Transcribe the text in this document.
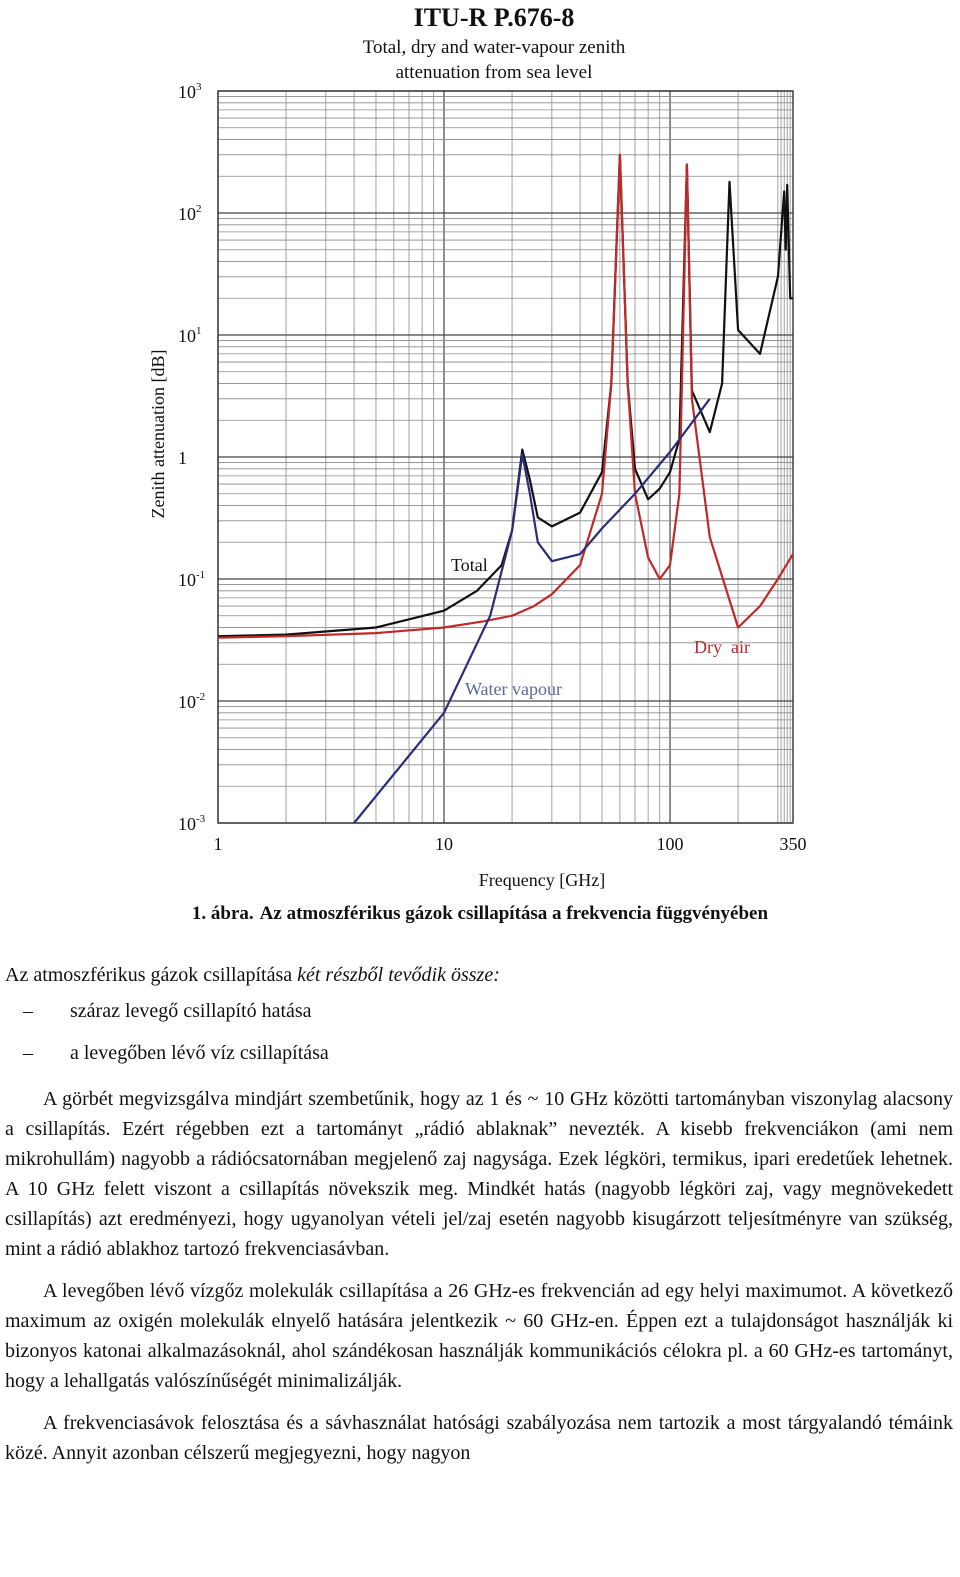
1	10	100	350
$10^{-3}$
$10^{-2}$
$10^{-1}$
1
$10^1$
$10^2$
$10^3$
ITU-R P.676-8
Total, dry and water-vapour zenith
attenuation from sea level
Frequency [GHz]
Zenith attenuation [dB]
Total
Water vapour
Dry  air
1. ábra. Az atmoszférikus gázok csillapítása a frekvencia függvényében

Az atmoszférikus gázok csillapítása két részből tevődik össze:

– száraz levegő csillapító hatása
– a levegőben lévő víz csillapítása

A görbét megvizsgálva mindjárt szembetűnik, hogy az 1 és ~ 10 GHz közötti tartományban viszonylag alacsony a csillapítás. Ezért régebben ezt a tartományt „rádió ablaknak” nevezték. A kisebb frekvenciákon (ami nem mikrohullám) nagyobb a rádiócsatornában megjelenő zaj nagysága. Ezek légköri, termikus, ipari eredetűek lehetnek. A 10 GHz felett viszont a csillapítás növekszik meg. Mindkét hatás (nagyobb légköri zaj, vagy megnövekedett csillapítás) azt eredményezi, hogy ugyanolyan vételi jel/zaj esetén nagyobb kisugárzott teljesítményre van szükség, mint a rádió ablakhoz tartozó frekvenciasávban.

A levegőben lévő vízgőz molekulák csillapítása a 26 GHz-es frekvencián ad egy helyi maximumot. A következő maximum az oxigén molekulák elnyelő hatására jelentkezik ~ 60 GHz-en. Éppen ezt a tulajdonságot használják ki bizonyos katonai alkalmazásoknál, ahol szándékosan használják kommunikációs célokra pl. a 60 GHz-es tartományt, hogy a lehallgatás valószínűségét minimalizálják.

A frekvenciasávok felosztása és a sávhasználat hatósági szabályozása nem tartozik a most tárgyalandó témáink közé. Annyit azonban célszerű megjegyezni, hogy nagyon
